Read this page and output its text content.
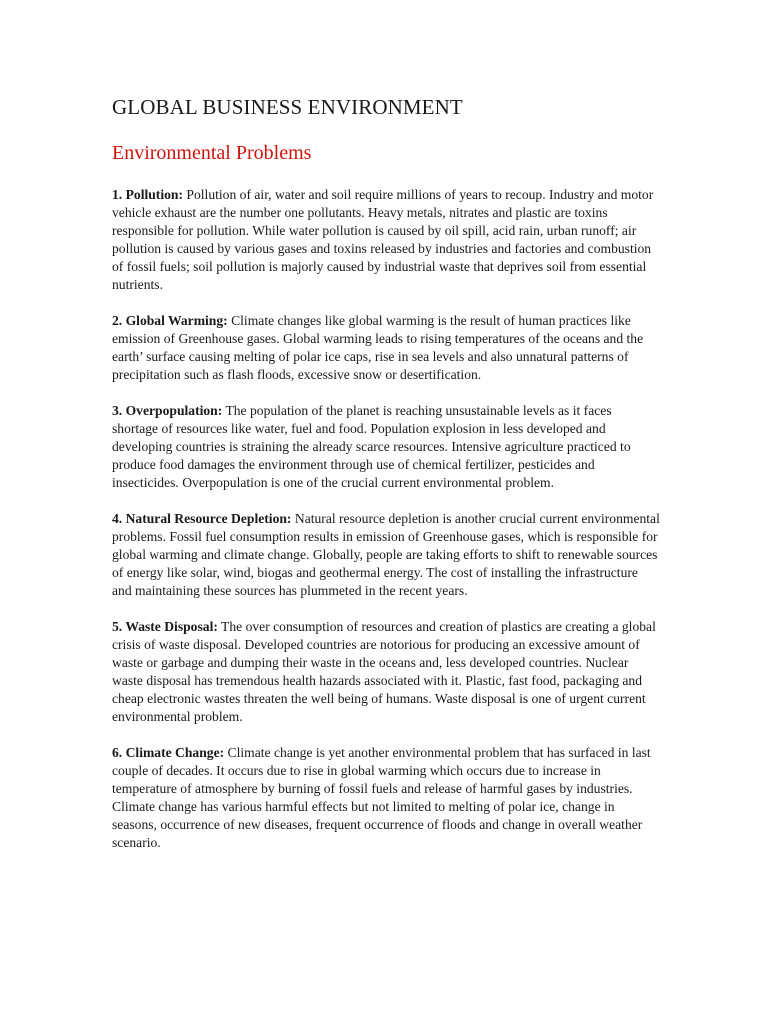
GLOBAL BUSINESS ENVIRONMENT
Environmental Problems

1. Pollution: Pollution of air, water and soil require millions of years to recoup. Industry and motor vehicle exhaust are the number one pollutants. Heavy metals, nitrates and plastic are toxins responsible for pollution. While water pollution is caused by oil spill, acid rain, urban runoff; air pollution is caused by various gases and toxins released by industries and factories and combustion of fossil fuels; soil pollution is majorly caused by industrial waste that deprives soil from essential nutrients.

2. Global Warming: Climate changes like global warming is the result of human practices like emission of Greenhouse gases. Global warming leads to rising temperatures of the oceans and the earth’ surface causing melting of polar ice caps, rise in sea levels and also unnatural patterns of precipitation such as flash floods, excessive snow or desertification.

3. Overpopulation: The population of the planet is reaching unsustainable levels as it faces shortage of resources like water, fuel and food. Population explosion in less developed and developing countries is straining the already scarce resources. Intensive agriculture practiced to produce food damages the environment through use of chemical fertilizer, pesticides and insecticides. Overpopulation is one of the crucial current environmental problem.

4. Natural Resource Depletion: Natural resource depletion is another crucial current environmental problems. Fossil fuel consumption results in emission of Greenhouse gases, which is responsible for global warming and climate change. Globally, people are taking efforts to shift to renewable sources of energy like solar, wind, biogas and geothermal energy. The cost of installing the infrastructure and maintaining these sources has plummeted in the recent years.

5. Waste Disposal: The over consumption of resources and creation of plastics are creating a global crisis of waste disposal. Developed countries are notorious for producing an excessive amount of waste or garbage and dumping their waste in the oceans and, less developed countries. Nuclear waste disposal has tremendous health hazards associated with it. Plastic, fast food, packaging and cheap electronic wastes threaten the well being of humans. Waste disposal is one of urgent current environmental problem.

6. Climate Change: Climate change is yet another environmental problem that has surfaced in last couple of decades. It occurs due to rise in global warming which occurs due to increase in temperature of atmosphere by burning of fossil fuels and release of harmful gases by industries. Climate change has various harmful effects but not limited to melting of polar ice, change in seasons, occurrence of new diseases, frequent occurrence of floods and change in overall weather scenario.
